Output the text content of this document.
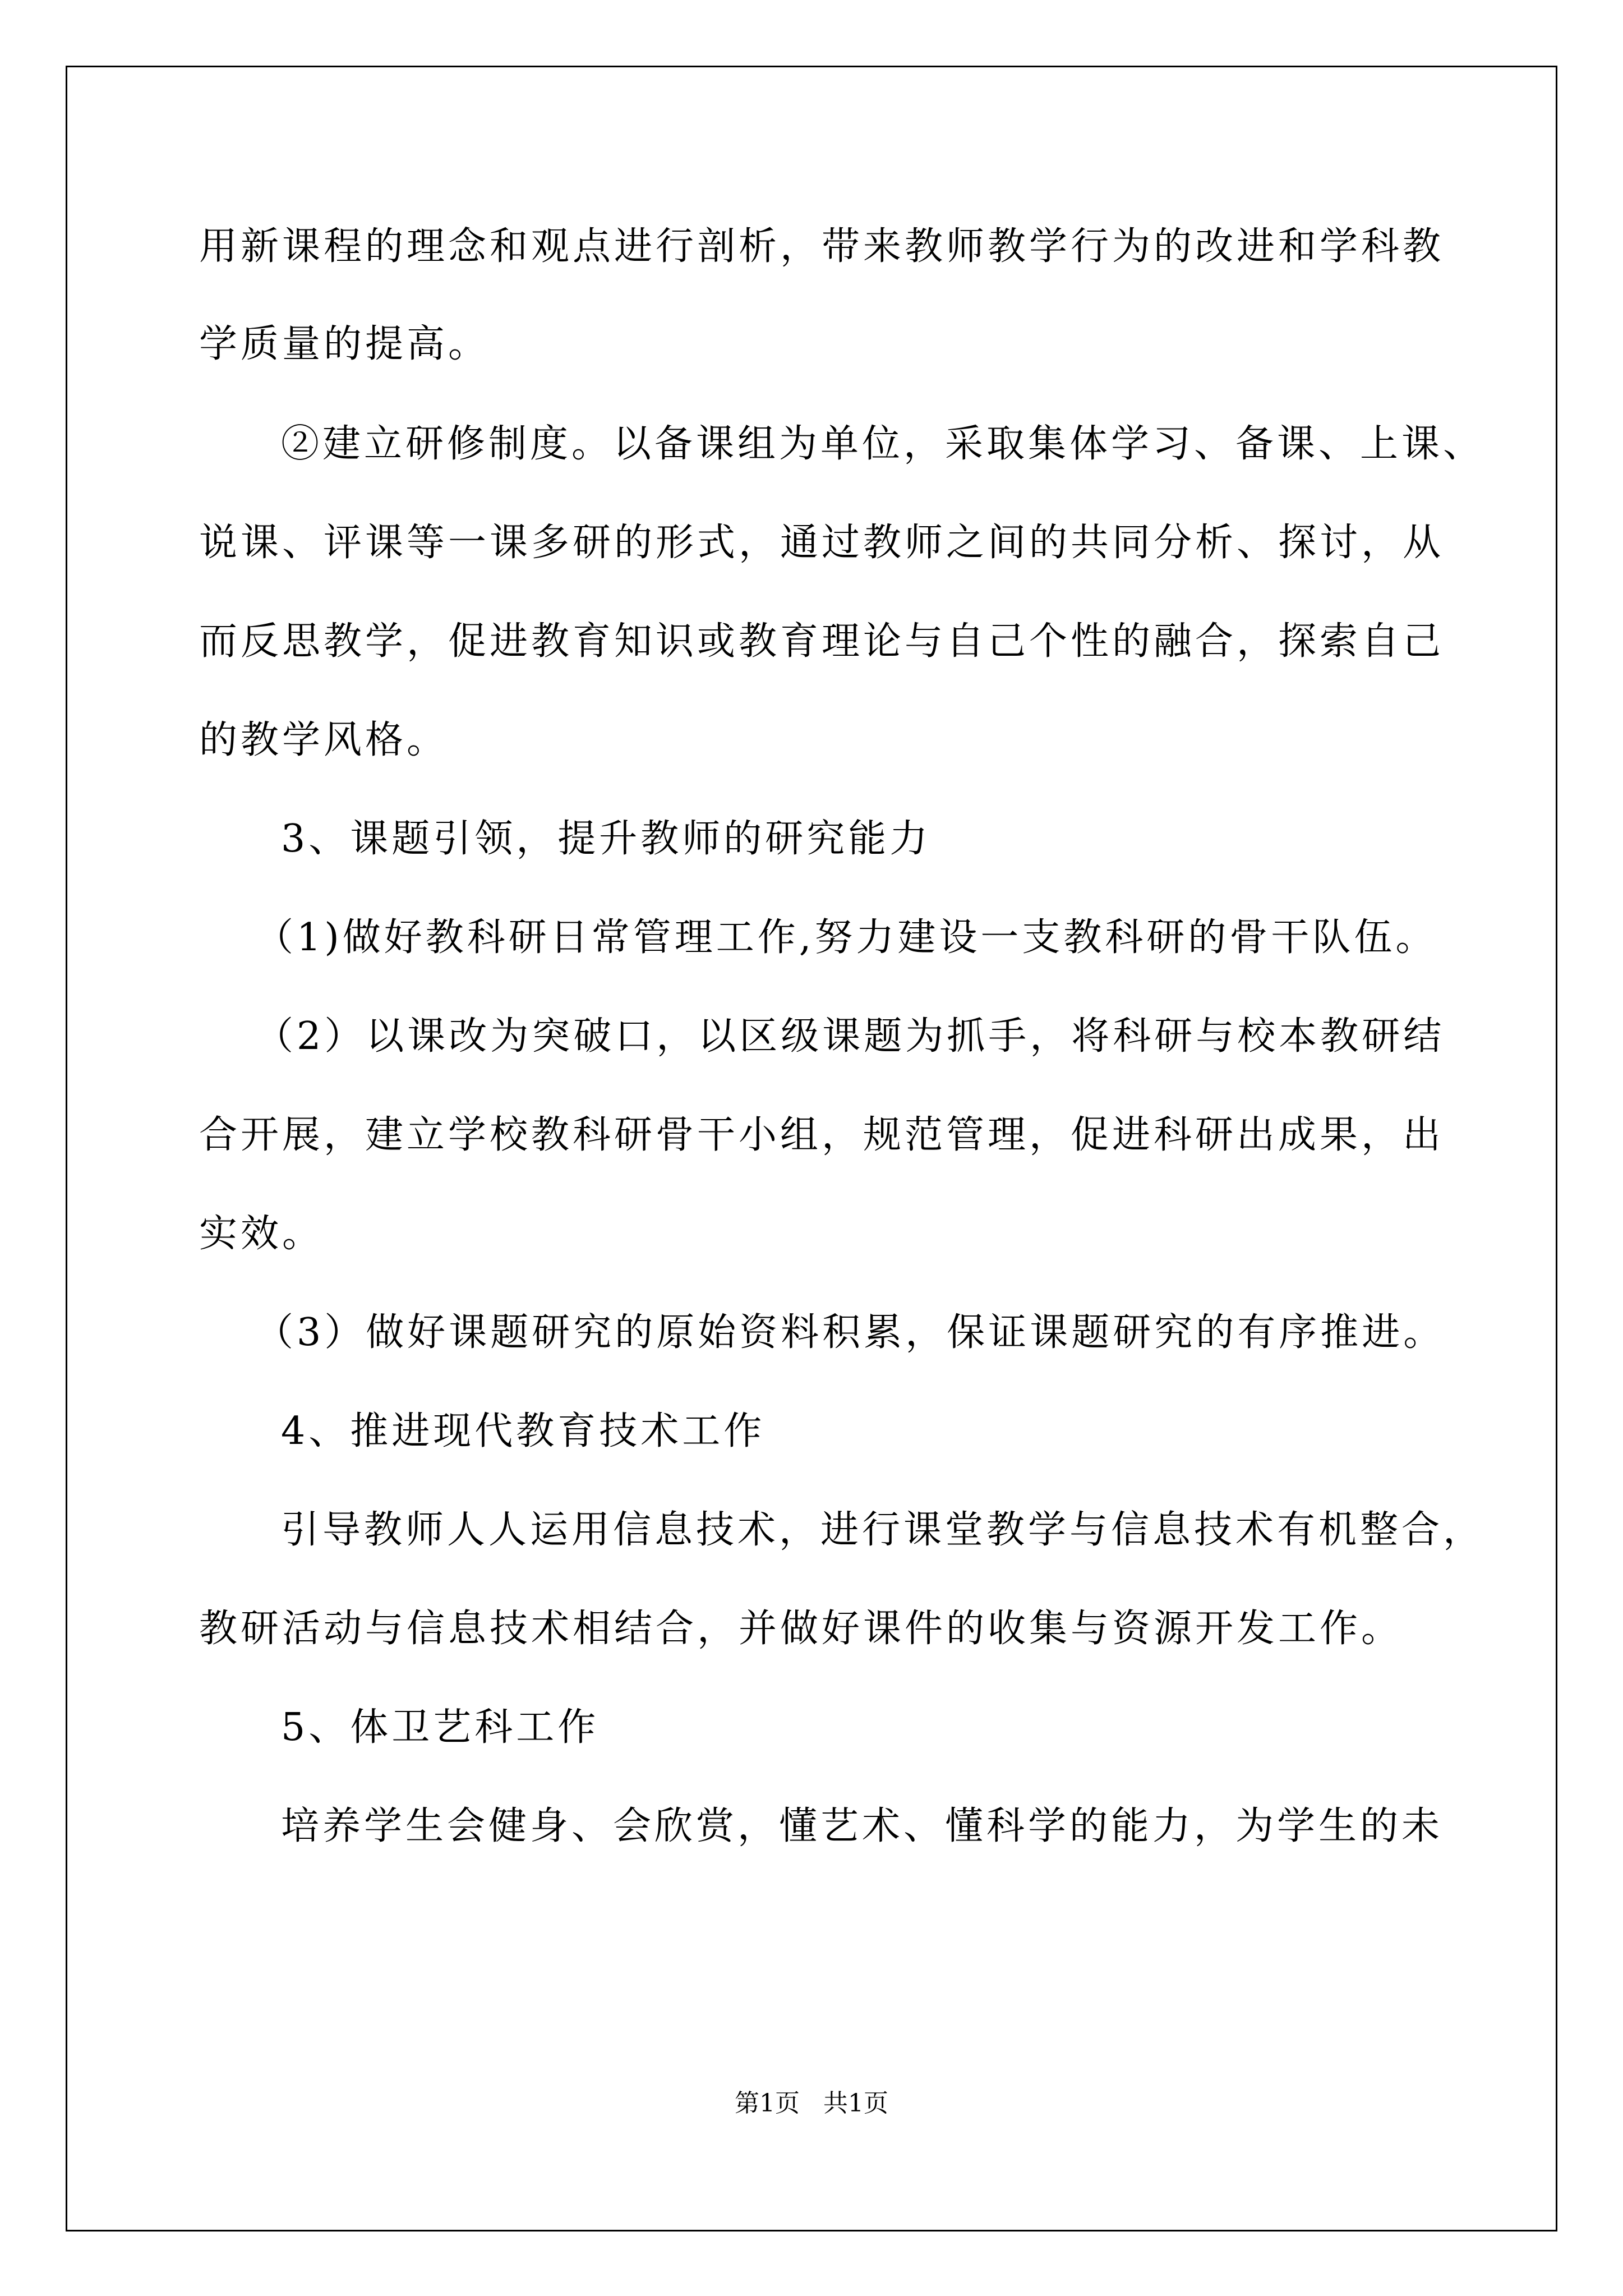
用新课程的理念和观点进行剖析，带来教师教学行为的改进和学科教
学质量的提高。
②建立研修制度。以备课组为单位，采取集体学习、备课、上课、
说课、评课等一课多研的形式，通过教师之间的共同分析、探讨，从
而反思教学，促进教育知识或教育理论与自己个性的融合，探索自己
的教学风格。
3、课题引领，提升教师的研究能力
（1)做好教科研日常管理工作,努力建设一支教科研的骨干队伍。
（2）以课改为突破口，以区级课题为抓手，将科研与校本教研结
合开展，建立学校教科研骨干小组，规范管理，促进科研出成果，出
实效。
（3）做好课题研究的原始资料积累，保证课题研究的有序推进。
4、推进现代教育技术工作
引导教师人人运用信息技术，进行课堂教学与信息技术有机整合，
教研活动与信息技术相结合，并做好课件的收集与资源开发工作。
5、体卫艺科工作
培养学生会健身、会欣赏，懂艺术、懂科学的能力，为学生的未
第1页 共1页
